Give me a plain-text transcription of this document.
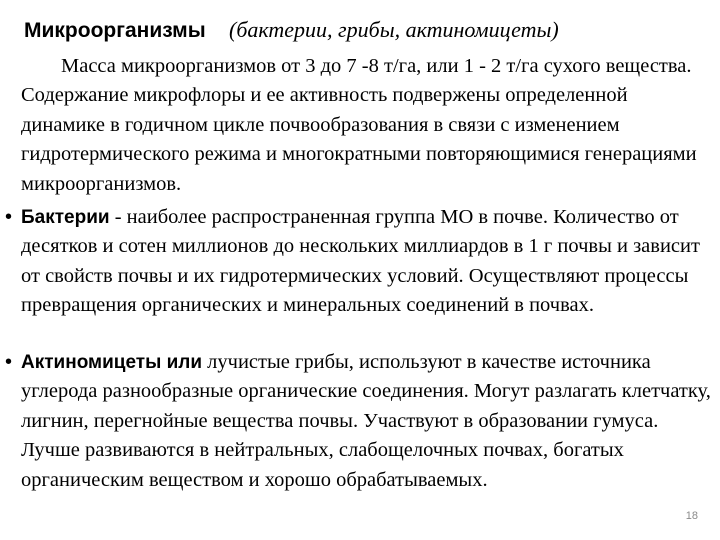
Микроорганизмы (бактерии, грибы, актиномицеты)
Масса микроорганизмов от 3 до 7 -8 т/га, или 1 - 2 т/га сухого вещества. Содержание микрофлоры и ее активность подвержены определенной динамике в годичном цикле почвообразования в связи с изменением гидротермического режима и многократными повторяющимися генерациями микроорганизмов.
• Бактерии - наиболее распространенная группа МО в почве. Количество от десятков и сотен миллионов до нескольких миллиардов в 1 г почвы и зависит от свойств почвы и их гидротермических условий. Осуществляют процессы превращения органических и минеральных соединений в почвах.
• Актиномицеты или лучистые грибы, используют в качестве источника углерода разнообразные органические соединения. Могут разлагать клетчатку, лигнин, перегнойные вещества почвы. Участвуют в образовании гумуса. Лучше развиваются в нейтральных, слабощелочных почвах, богатых органическим веществом и хорошо обрабатываемых.
18
